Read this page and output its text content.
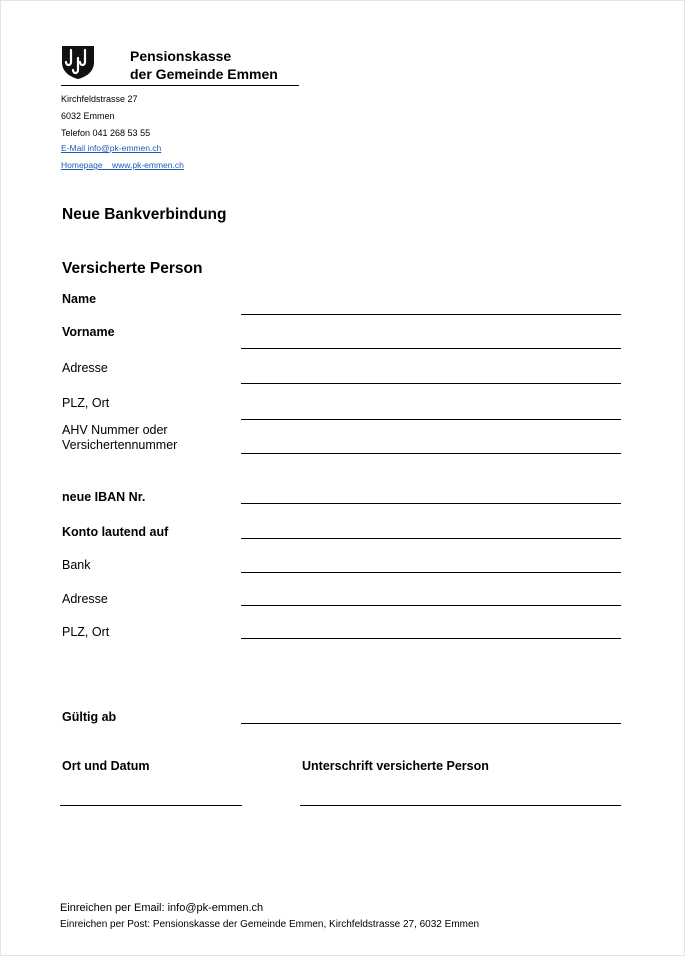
Pensionskasse
der Gemeinde Emmen
Kirchfeldstrasse 27
6032 Emmen
Telefon 041 268 53 55
E-Mail info@pk-emmen.ch
Homepage    www.pk-emmen.ch
Neue Bankverbindung
Versicherte Person
Name
Vorname
Adresse
PLZ, Ort
AHV Nummer oder
Versichertennummer
neue IBAN Nr.
Konto lautend auf
Bank
Adresse
PLZ, Ort
Gültig ab
Ort und Datum	Unterschrift versicherte Person
Einreichen per Email: info@pk-emmen.ch
Einreichen per Post: Pensionskasse der Gemeinde Emmen, Kirchfeldstrasse 27, 6032 Emmen
